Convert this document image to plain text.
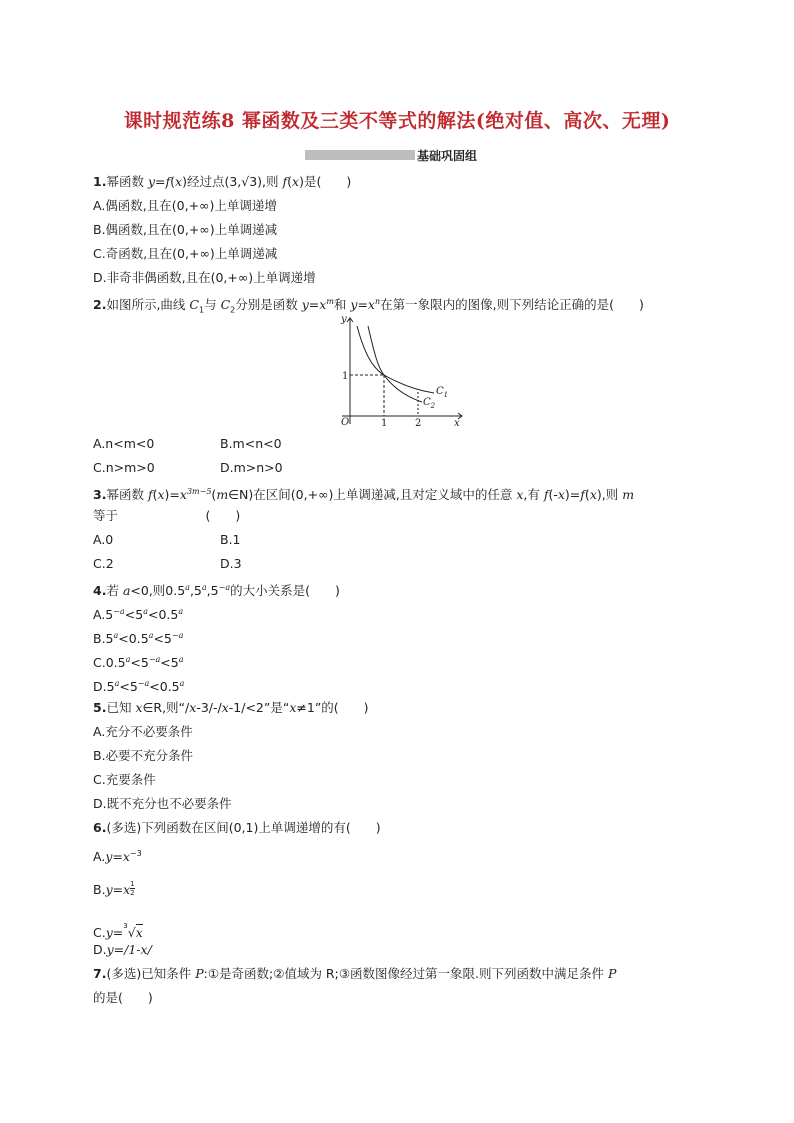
课时规范练8 幂函数及三类不等式的解法(绝对值、高次、无理)
基础巩固组
1.幂函数 y=f(x)经过点(3,√3),则 f(x)是(　　)
A.偶函数,且在(0,+∞)上单调递增
B.偶函数,且在(0,+∞)上单调递减
C.奇函数,且在(0,+∞)上单调递减
D.非奇非偶函数,且在(0,+∞)上单调递增
2.如图所示,曲线 $C_1$与 $C_2$分别是函数 $y=x^m$和 $y=x^n$在第一象限内的图像,则下列结论正确的是(　　)
y
x
O
1
1	2
$C_1$
$C_2$
A.n<m<0	B.m<n<0
C.n>m>0	D.m>n>0
3.幂函数 $f(x)=x^{3m-5}(m\in N)$在区间(0,+∞)上单调递减,且对定义域中的任意 x,有 f(-x)=f(x),则 m
等于　　　　　　　(　　)
A.0	B.1
C.2	D.3
4.若 a<0,则$0.5^a,5^a,5^{-a}$的大小关系是(　　)
$A.5^{-a}<5^a<0.5^a$
$B.5^a<0.5^a<5^{-a}$
$C.0.5^a<5^{-a}<5^a$
$D.5^a<5^{-a}<0.5^a$
5.已知 x∈R,则“/x-3/-/x-1/<2”是“x≠1”的(　　)
A.充分不必要条件
B.必要不充分条件
C.充要条件
D.既不充分也不必要条件
6.(多选)下列函数在区间(0,1)上单调递增的有(　　)
$A.y=x^{-3}$
$B.y=x \frac{1}{2}$
C.y=$^3$√x
D.y=/1-x/
7.(多选)已知条件 P:①是奇函数;②值域为 R;③函数图像经过第一象限.则下列函数中满足条件 P
的是(　　)
